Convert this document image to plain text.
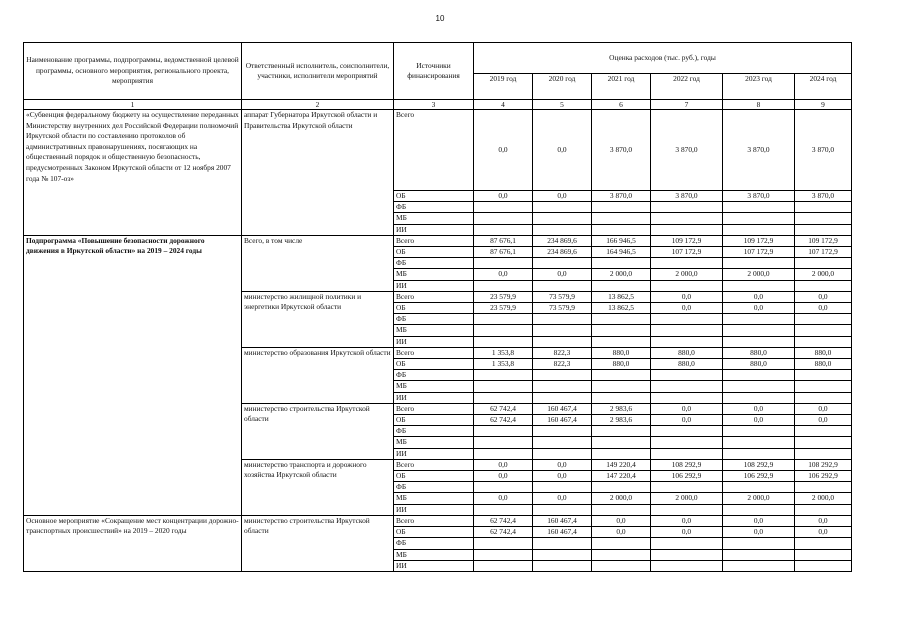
10
Наименование программы, подпрограммы, ведомственной целевой программы, основного мероприятия, регионального проекта, мероприятия	Ответственный исполнитель, соисполнители, участники, исполнители мероприятий	Источники финансирования	Оценка расходов (тыс. руб.), годы					
			2019 год	2020 год	2021 год	2022 год	2023 год	2024 год
1	2	3	4	5	6	7	8	9
«Субвенция федеральному бюджету на осуществление переданных Министерству внутренних дел Российской Федерации полномочий Иркутской области по составлению протоколов об административных правонарушениях, посягающих на общественный порядок и общественную безопасность, предусмотренных Законом Иркутской области от 12 ноября 2007 года № 107-оз»	аппарат Губернатора Иркутской области и Правительства Иркутской области	Всего	0,0	0,0	3 870,0	3 870,0	3 870,0	3 870,0
		ОБ	0,0	0,0	3 870,0	3 870,0	3 870,0	3 870,0
		ФБ						
		МБ						
		ИИ						
Подпрограмма «Повышение безопасности дорожного движения в Иркутской области» на 2019 – 2024 годы	Всего, в том числе	Всего	87 676,1	234 869,6	166 946,5	109 172,9	109 172,9	109 172,9
		ОБ	87 676,1	234 869,6	164 946,5	107 172,9	107 172,9	107 172,9
		ФБ						
		МБ	0,0	0,0	2 000,0	2 000,0	2 000,0	2 000,0
		ИИ						
	министерство жилищной политики и энергетики Иркутской области	Всего	23 579,9	73 579,9	13 862,5	0,0	0,0	0,0
		ОБ	23 579,9	73 579,9	13 862,5	0,0	0,0	0,0
		ФБ						
		МБ						
		ИИ						
	министерство образования Иркутской области	Всего	1 353,8	822,3	880,0	880,0	880,0	880,0
		ОБ	1 353,8	822,3	880,0	880,0	880,0	880,0
		ФБ						
		МБ						
		ИИ						
	министерство строительства Иркутской области	Всего	62 742,4	160 467,4	2 983,6	0,0	0,0	0,0
		ОБ	62 742,4	160 467,4	2 983,6	0,0	0,0	0,0
		ФБ						
		МБ						
		ИИ						
	министерство транспорта и дорожного хозяйства Иркутской области	Всего	0,0	0,0	149 220,4	108 292,9	108 292,9	108 292,9
		ОБ	0,0	0,0	147 220,4	106 292,9	106 292,9	106 292,9
		ФБ						
		МБ	0,0	0,0	2 000,0	2 000,0	2 000,0	2 000,0
		ИИ						
Основное мероприятие «Сокращение мест концентрации дорожно-транспортных происшествий» на 2019 – 2020 годы	министерство строительства Иркутской области	Всего	62 742,4	160 467,4	0,0	0,0	0,0	0,0
		ОБ	62 742,4	160 467,4	0,0	0,0	0,0	0,0
		ФБ						
		МБ						
		ИИ						
